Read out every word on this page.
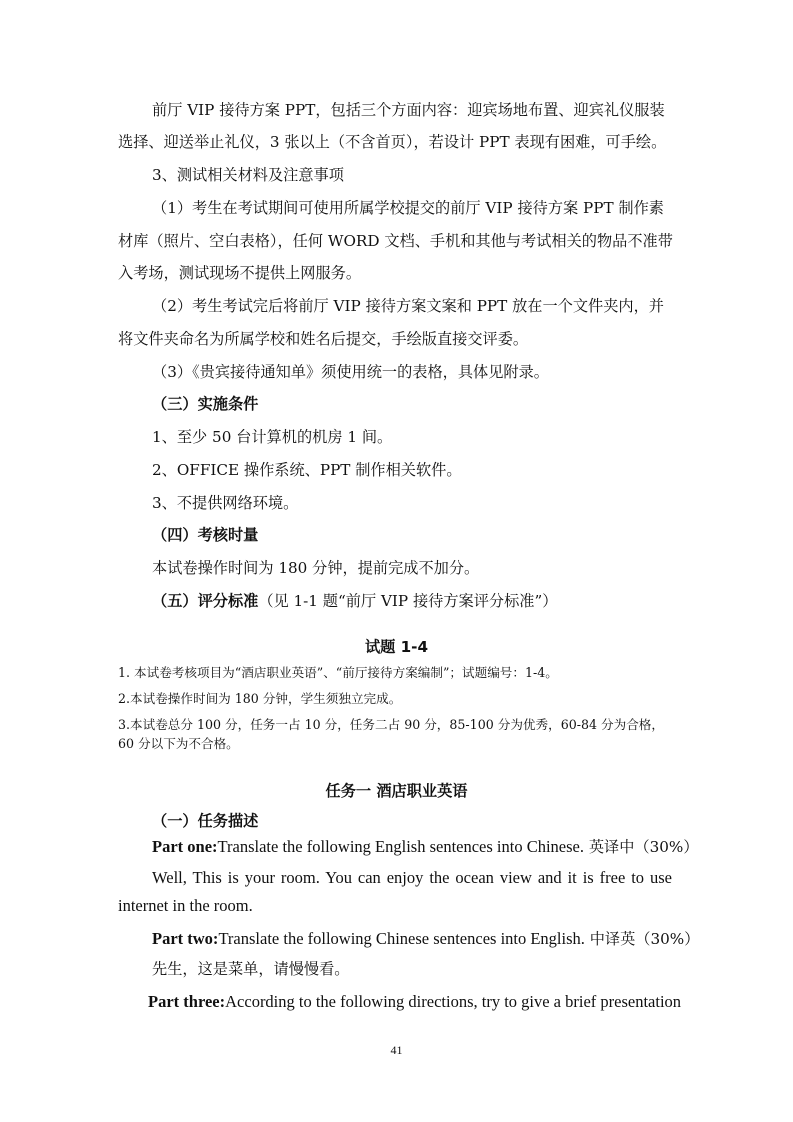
前厅 VIP 接待方案 PPT，包括三个方面内容：迎宾场地布置、迎宾礼仪服装
选择、迎送举止礼仪，3 张以上（不含首页），若设计 PPT 表现有困难，可手绘。
3、测试相关材料及注意事项
（1）考生在考试期间可使用所属学校提交的前厅 VIP 接待方案 PPT 制作素
材库（照片、空白表格），任何 WORD 文档、手机和其他与考试相关的物品不准带
入考场，测试现场不提供上网服务。
（2）考生考试完后将前厅 VIP 接待方案文案和 PPT 放在一个文件夹内，并
将文件夹命名为所属学校和姓名后提交，手绘版直接交评委。
（3）《贵宾接待通知单》须使用统一的表格，具体见附录。
（三）实施条件
1、至少 50 台计算机的机房 1 间。
2、OFFICE 操作系统、PPT 制作相关软件。
3、不提供网络环境。
（四）考核时量
本试卷操作时间为 180 分钟，提前完成不加分。
（五）评分标准（见 1-1 题“前厅 VIP 接待方案评分标准”）
试题 1-4
1. 本试卷考核项目为“酒店职业英语”、“前厅接待方案编制”；试题编号：1-4。
2.本试卷操作时间为 180 分钟，学生须独立完成。
3.本试卷总分 100 分，任务一占 10 分，任务二占 90 分，85-100 分为优秀，60-84 分为合格，
60 分以下为不合格。
任务一 酒店职业英语
（一）任务描述
Part one:Translate the following English sentences into Chinese. 英译中（30%）
Well, This is your room. You can enjoy the ocean view and it is free to use
internet in the room.
Part two:Translate the following Chinese sentences into English. 中译英（30%）
先生，这是菜单，请慢慢看。
Part three:According to the following directions, try to give a brief presentation
41
